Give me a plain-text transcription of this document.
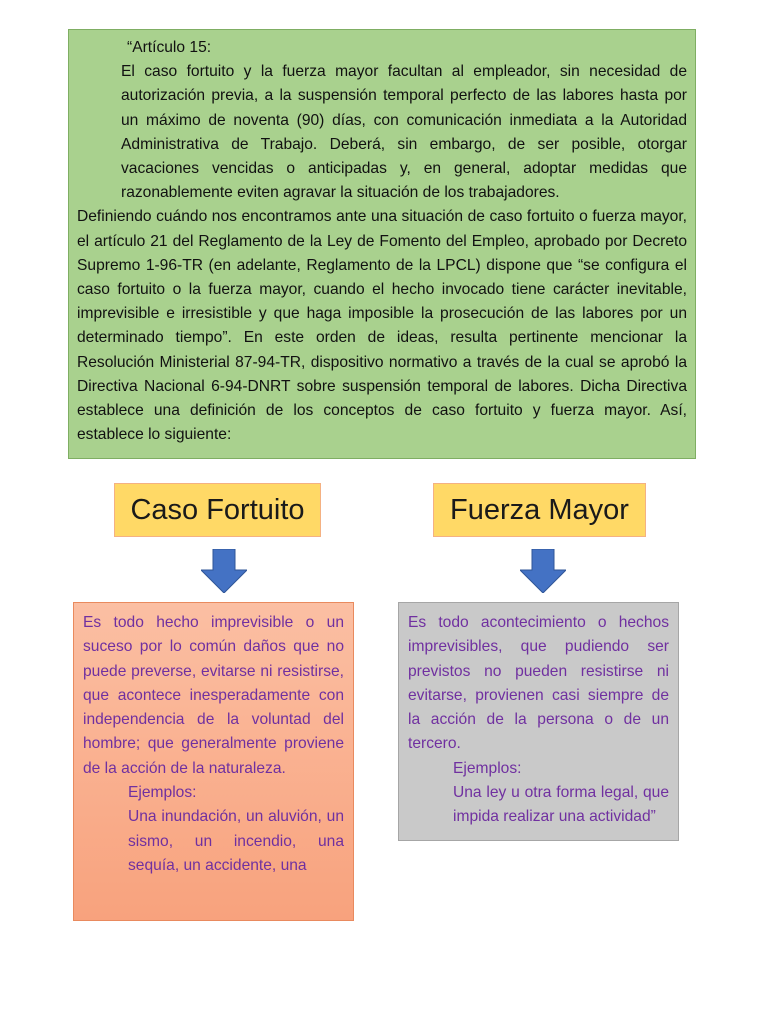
“Artículo 15:

El caso fortuito y la fuerza mayor facultan al empleador, sin necesidad de autorización previa, a la suspensión temporal perfecto de las labores hasta por un máximo de noventa (90) días, con comunicación inmediata a la Autoridad Administrativa de Trabajo. Deberá, sin embargo, de ser posible, otorgar vacaciones vencidas o anticipadas y, en general, adoptar medidas que razonablemente eviten agravar la situación de los trabajadores.

Definiendo cuándo nos encontramos ante una situación de caso fortuito o fuerza mayor, el artículo 21 del Reglamento de la Ley de Fomento del Empleo, aprobado por Decreto Supremo 1-96-TR (en adelante, Reglamento de la LPCL) dispone que “se configura el caso fortuito o la fuerza mayor, cuando el hecho invocado tiene carácter inevitable, imprevisible e irresistible y que haga imposible la prosecución de las labores por un determinado tiempo”. En este orden de ideas, resulta pertinente mencionar la Resolución Ministerial 87-94-TR, dispositivo normativo a través de la cual se aprobó la Directiva Nacional 6-94-DNRT sobre suspensión temporal de labores. Dicha Directiva establece una definición de los conceptos de caso fortuito y fuerza mayor. Así, establece lo siguiente:

Caso Fortuito	Fuerza Mayor

Es todo hecho imprevisible o un suceso por lo común daños que no puede preverse, evitarse ni resistirse, que acontece inesperadamente con independencia de la voluntad del hombre; que generalmente proviene de la acción de la naturaleza.

Ejemplos:

Una inundación, un aluvión, un sismo, un incendio, una sequía, un accidente, una

Es todo acontecimiento o hechos imprevisibles, que pudiendo ser previstos no pueden resistirse ni evitarse, provienen casi siempre de la acción de la persona o de un tercero.

Ejemplos:

Una ley u otra forma legal, que impida realizar una actividad”
